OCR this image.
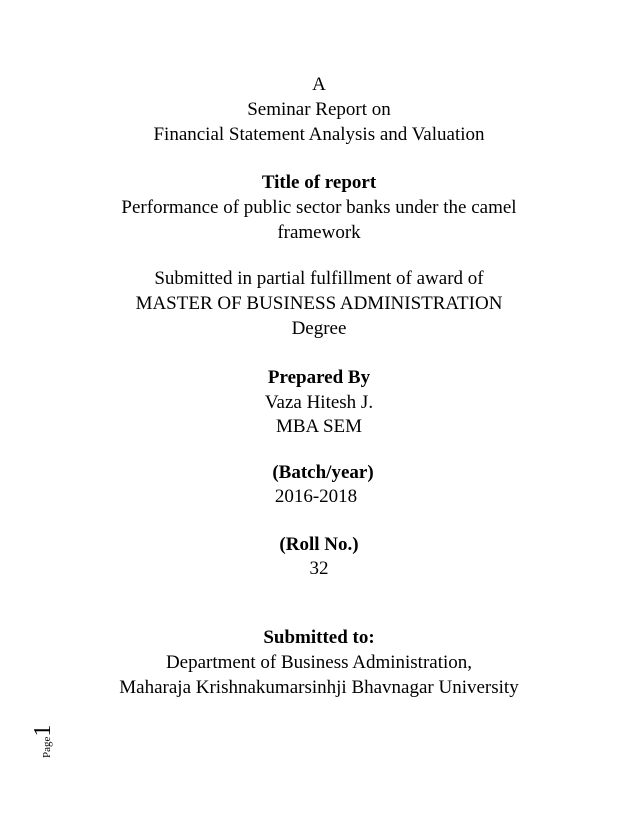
A
Seminar Report on
Financial Statement Analysis and Valuation
Title of report
Performance of public sector banks under the camel
framework
Submitted in partial fulfillment of award of
MASTER OF BUSINESS ADMINISTRATION
Degree
Prepared By
Vaza Hitesh J.
MBA SEM
(Batch/year)
2016-2018
(Roll No.)
32
Submitted to:
Department of Business Administration,
Maharaja Krishnakumarsinhji Bhavnagar University
Page1
